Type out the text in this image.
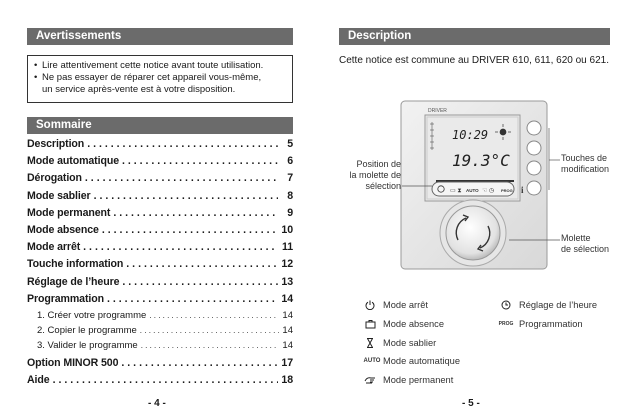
Avertissements
• Lire attentivement cette notice avant toute utilisation.
• Ne pas essayer de réparer cet appareil vous-même,
un service après-vente est à votre disposition.
Sommaire
Description . . .	5
Mode automatique . . .	6
Dérogation . . .	7
Mode sablier . . .	8
Mode permanent . . .	9
Mode absence . . .	10
Mode arrêt . . .	11
Touche information . . .	12
Réglage de l’heure . . .	13
Programmation . . .	14
1. Créer votre programme . . .	14
2. Copier le programme . . .	14
3. Valider le programme . . .	14
Option MINOR 500 . . .	17
Aide . . .	18
- 4 -
Description
Cette notice est commune au DRIVER 610, 611, 620 ou 621.
DRIVER
10:29
19.3°C
▭ ⧗ AUTO ☜ ◷ PROG i
Position de
la molette de
sélection
Touches de
modification
Molette
de sélection
Mode arrêt	Réglage de l’heure
Mode absence	PROG Programmation
Mode sablier
AUTO Mode automatique
Mode permanent
- 5 -
